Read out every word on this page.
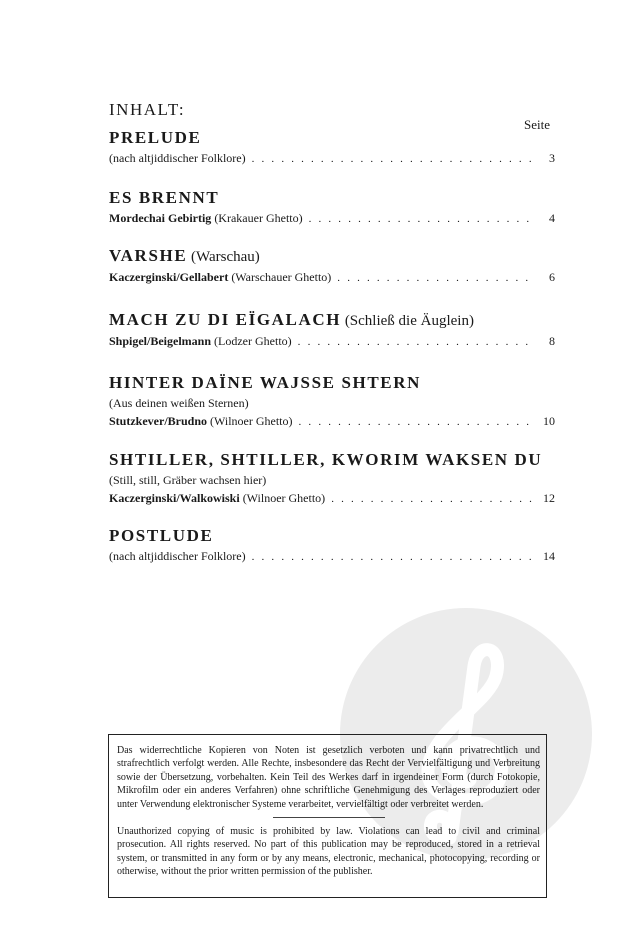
INHALT:
Seite
PRELUDE
(nach altjiddischer Folklore) . . .	3
ES BRENNT
Mordechai Gebirtig (Krakauer Ghetto) . . .	4
VARSHE (Warschau)
Kaczerginski/Gellabert (Warschauer Ghetto) . . .	6
MACH ZU DI EÏGALACH (Schließ die Äuglein)
Shpigel/Beigelmann (Lodzer Ghetto) . . .	8
HINTER DAÏNE WAJSSE SHTERN
(Aus deinen weißen Sternen)
Stutzkever/Brudno (Wilnoer Ghetto) . . .	10
SHTILLER, SHTILLER, KWORIM WAKSEN DU
(Still, still, Gräber wachsen hier)
Kaczerginski/Walkowiski (Wilnoer Ghetto) . . .	12
POSTLUDE
(nach altjiddischer Folklore) . . .	14
Das widerrechtliche Kopieren von Noten ist gesetzlich verboten und kann privatrechtlich und strafrechtlich verfolgt werden. Alle Rechte, insbesondere das Recht der Vervielfältigung und Verbreitung sowie der Übersetzung, vorbehalten. Kein Teil des Werkes darf in irgendeiner Form (durch Fotokopie, Mikrofilm oder ein anderes Verfahren) ohne schriftliche Genehmigung des Verlages reproduziert oder unter Verwendung elektronischer Systeme verarbeitet, vervielfältigt oder verbreitet werden.
Unauthorized copying of music is prohibited by law. Violations can lead to civil and criminal prosecution. All rights reserved. No part of this publication may be reproduced, stored in a retrieval system, or transmitted in any form or by any means, electronic, mechanical, photocopying, recording or otherwise, without the prior written permission of the publisher.
